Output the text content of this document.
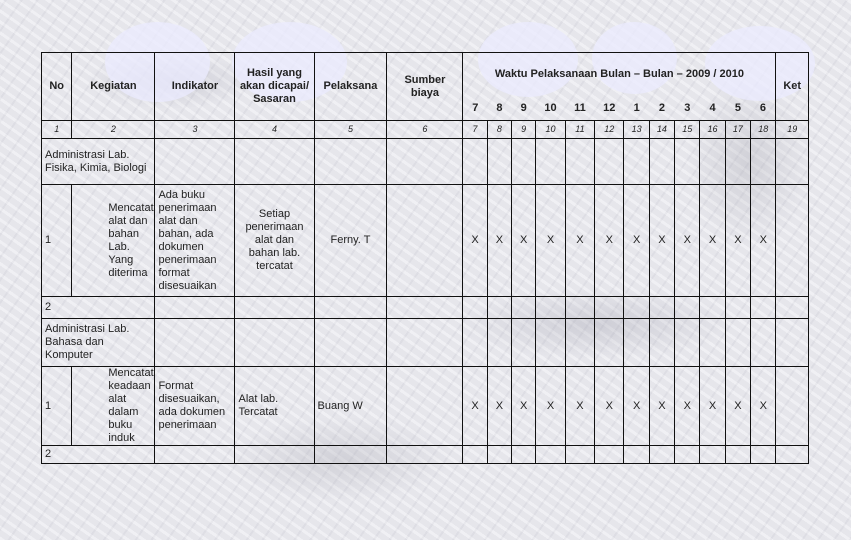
No	Kegiatan	Indikator	Hasil yang akan dicapai/ Sasaran	Pelaksana	Sumber biaya	Waktu Pelaksanaan Bulan – Bulan – 2009 / 2010												Ket
						7	8	9	10	11	12	1	2	3	4	5	6	
1	2	3	4	5	6	7	8	9	10	11	12	13	14	15	16	17	18	19
Administrasi Lab. Fisika, Kimia, Biologi																		
1	Mencatat alat dan bahan Lab. Yang diterima	Ada buku penerimaan alat dan bahan, ada dokumen penerimaan format disesuaikan	Setiap penerimaan alat dan bahan lab. tercatat	Ferny. T		X	X	X	X	X	X	X	X	X	X	X	X	
2																		
Administrasi Lab. Bahasa dan Komputer																		
1	Mencatat keadaan alat dalam buku induk	Format disesuaikan, ada dokumen penerimaan	Alat lab. Tercatat	Buang W		X	X	X	X	X	X	X	X	X	X	X	X	
2																		
